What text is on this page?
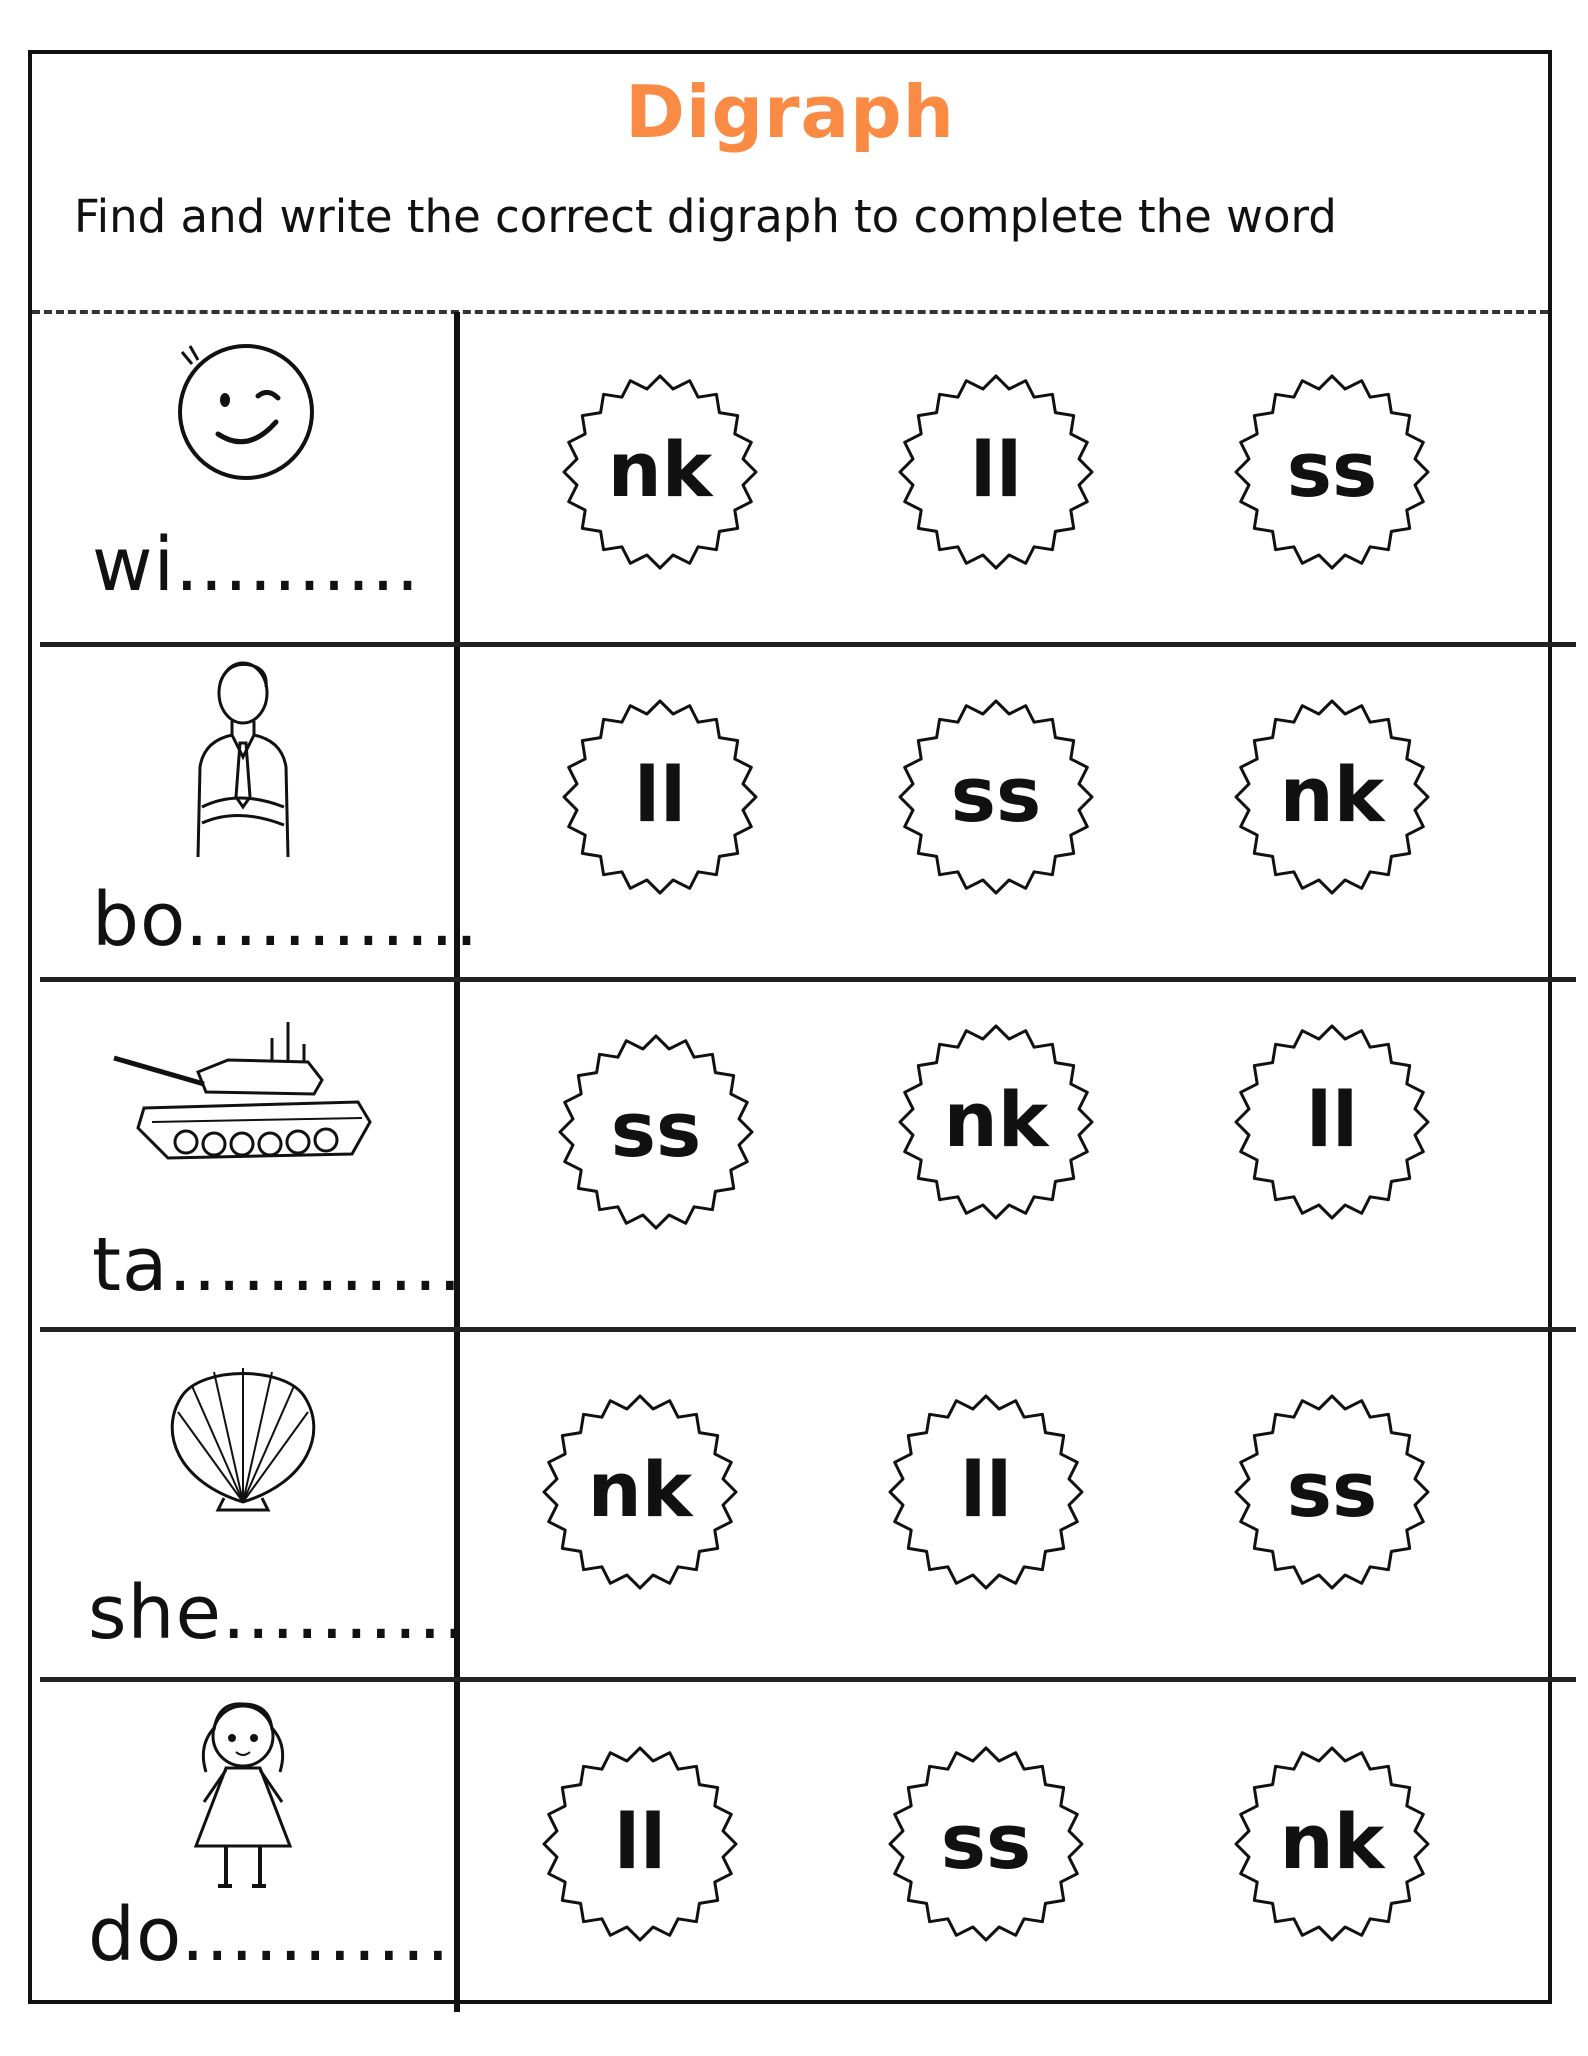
Digraph
Find and write the correct digraph to complete the word
wi..........
nk	ll	ss
bo............
ll	ss	nk
ta............
ss	nk	ll
she..........
nk	ll	ss
do...........
ll	ss	nk
